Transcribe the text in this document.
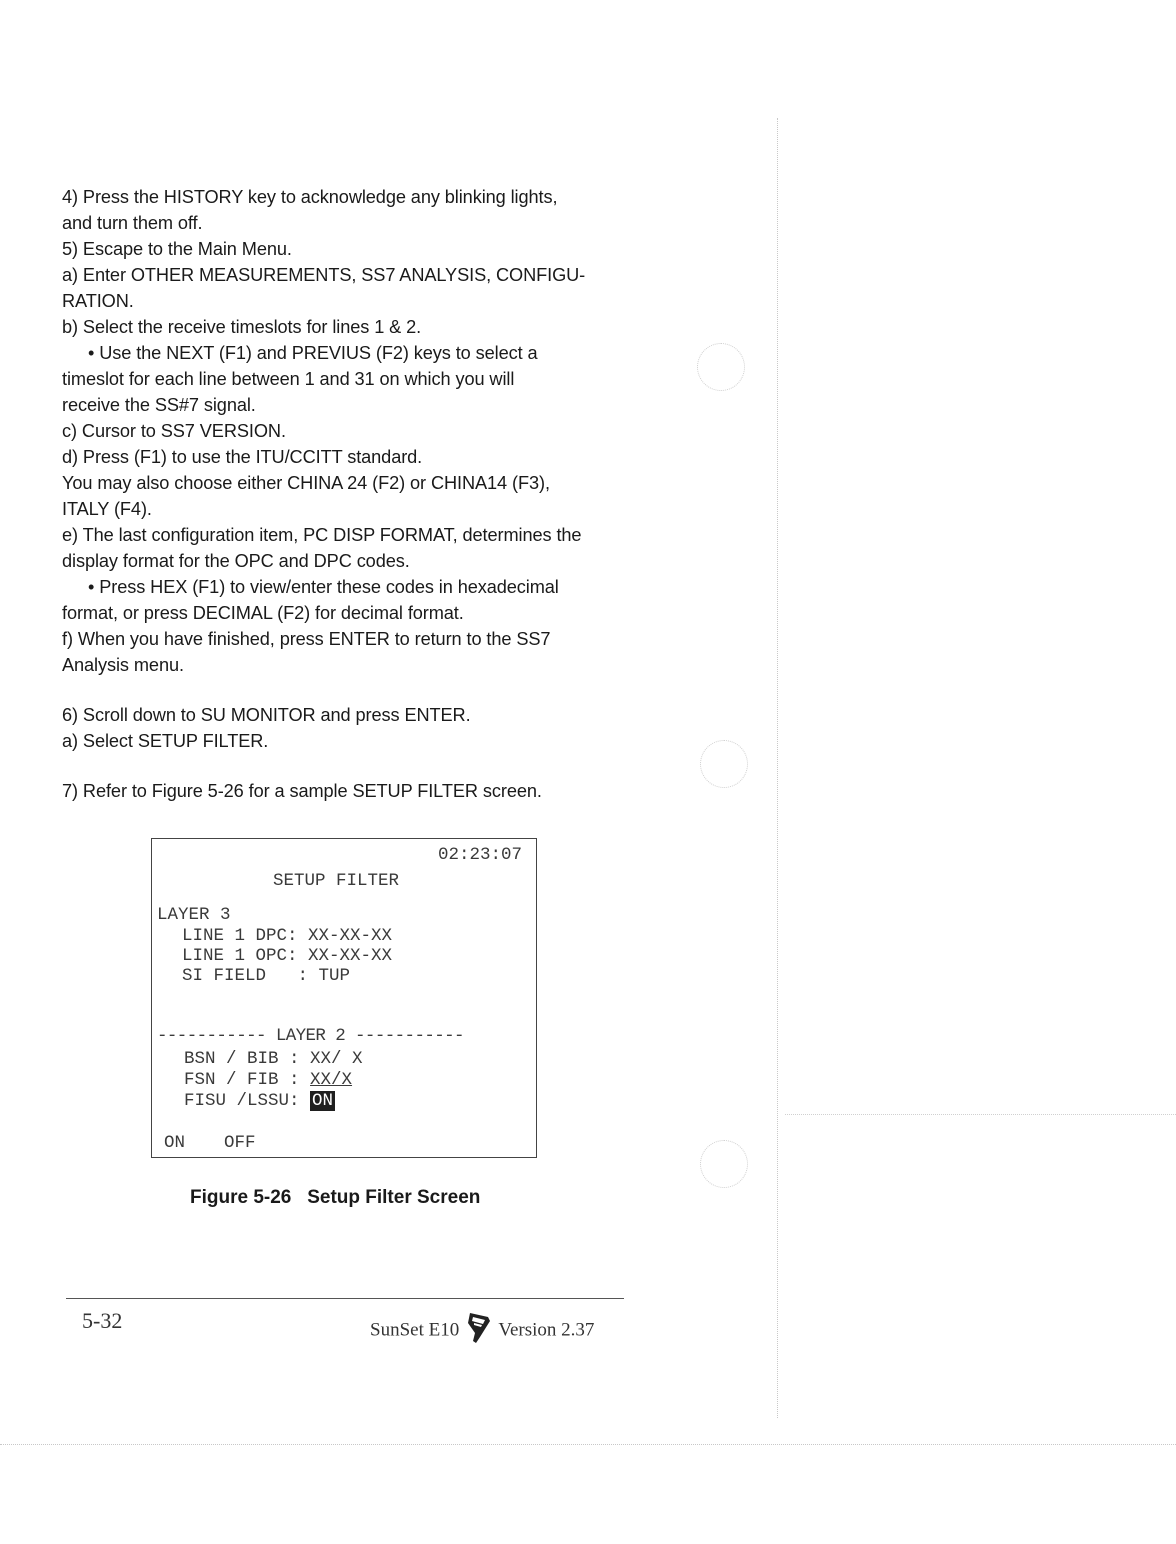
4) Press the HISTORY key to acknowledge any blinking lights,

and turn them off.

5) Escape to the Main Menu.

a) Enter OTHER MEASUREMENTS, SS7 ANALYSIS, CONFIGU-

RATION.

b) Select the receive timeslots for lines 1 & 2.

• Use the NEXT (F1) and PREVIUS (F2) keys to select a

timeslot for each line between 1 and 31 on which you will

receive the SS#7 signal.

c) Cursor to SS7 VERSION.

d) Press (F1) to use the ITU/CCITT standard.

You may also choose either CHINA 24 (F2) or CHINA14 (F3),

ITALY (F4).

e) The last configuration item, PC DISP FORMAT, determines the

display format for the OPC and DPC codes.

• Press HEX (F1) to view/enter these codes in hexadecimal

format, or press DECIMAL (F2) for decimal format.

f) When you have finished, press ENTER to return to the SS7

Analysis menu.

6) Scroll down to SU MONITOR and press ENTER.

a) Select SETUP FILTER.

7) Refer to Figure 5-26 for a sample SETUP FILTER screen.

02:23:07
SETUP FILTER
LAYER 3
LINE 1 DPC: XX-XX-XX
LINE 1 OPC: XX-XX-XX
SI FIELD   : TUP
----------- LAYER 2 -----------
BSN / BIB : XX/ X
FSN / FIB : XX/X
FISU /LSSU: ON
ON OFF
Figure 5-26   Setup Filter Screen
5-32	SunSet E10 Version 2.37
